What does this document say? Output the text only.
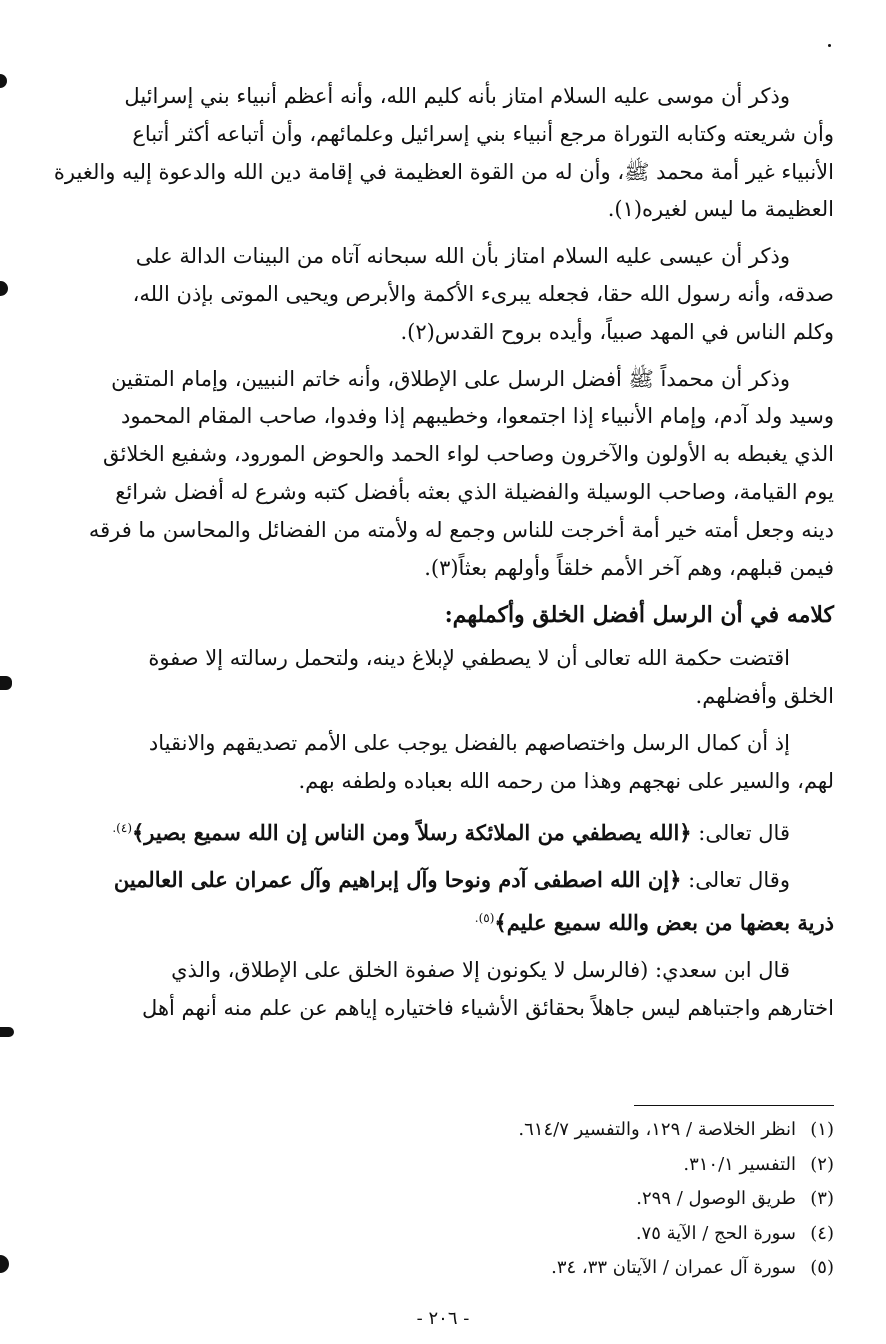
وذكر أن موسى عليه السلام امتاز بأنه كليم الله، وأنه أعظم أنبياء بني إسرائيل
وأن شريعته وكتابه التوراة مرجع أنبياء بني إسرائيل وعلمائهم، وأن أتباعه أكثر أتباع
الأنبياء غير أمة محمد ﷺ، وأن له من القوة العظيمة في إقامة دين الله والدعوة إليه والغيرة
العظيمة ما ليس لغيره(١).

وذكر أن عيسى عليه السلام امتاز بأن الله سبحانه آتاه من البينات الدالة على
صدقه، وأنه رسول الله حقا، فجعله يبرىء الأكمة والأبرص ويحيى الموتى بإذن الله،
وكلم الناس في المهد صبياً، وأيده بروح القدس(٢).

وذكر أن محمداً ﷺ أفضل الرسل على الإطلاق، وأنه خاتم النبيين، وإمام المتقين
وسيد ولد آدم، وإمام الأنبياء إذا اجتمعوا، وخطيبهم إذا وفدوا، صاحب المقام المحمود
الذي يغبطه به الأولون والآخرون وصاحب لواء الحمد والحوض المورود، وشفيع الخلائق
يوم القيامة، وصاحب الوسيلة والفضيلة الذي بعثه بأفضل كتبه وشرع له أفضل شرائع
دينه وجعل أمته خير أمة أخرجت للناس وجمع له ولأمته من الفضائل والمحاسن ما فرقه
فيمن قبلهم، وهم آخر الأمم خلقاً وأولهم بعثاً(٣).

كلامه في أن الرسل أفضل الخلق وأكملهم:

اقتضت حكمة الله تعالى أن لا يصطفي لإبلاغ دينه، ولتحمل رسالته إلا صفوة
الخلق وأفضلهم.

إذ أن كمال الرسل واختصاصهم بالفضل يوجب على الأمم تصديقهم والانقياد
لهم، والسير على نهجهم وهذا من رحمه الله بعباده ولطفه بهم.

قال تعالى: ﴿الله يصطفي من الملائكة رسلاً ومن الناس إن الله سميع بصير﴾$^{(٤).}$

وقال تعالى: ﴿إن الله اصطفى آدم ونوحا وآل إبراهيم وآل عمران على العالمين
ذرية بعضها من بعض والله سميع عليم﴾$^{(٥).}$

قال ابن سعدي: (فالرسل لا يكونون إلا صفوة الخلق على الإطلاق، والذي
اختارهم واجتباهم ليس جاهلاً بحقائق الأشياء فاختياره إياهم عن علم منه أنهم أهل

(١)انظر الخلاصة / ١٢٩، والتفسير ٦١٤/٧.
(٢)التفسير ٣١٠/١.
(٣)طريق الوصول / ٢٩٩.
(٤)سورة الحج / الآية ٧٥.
(٥)سورة آل عمران / الآيتان ٣٣، ٣٤.
- ٢٠٦ -
